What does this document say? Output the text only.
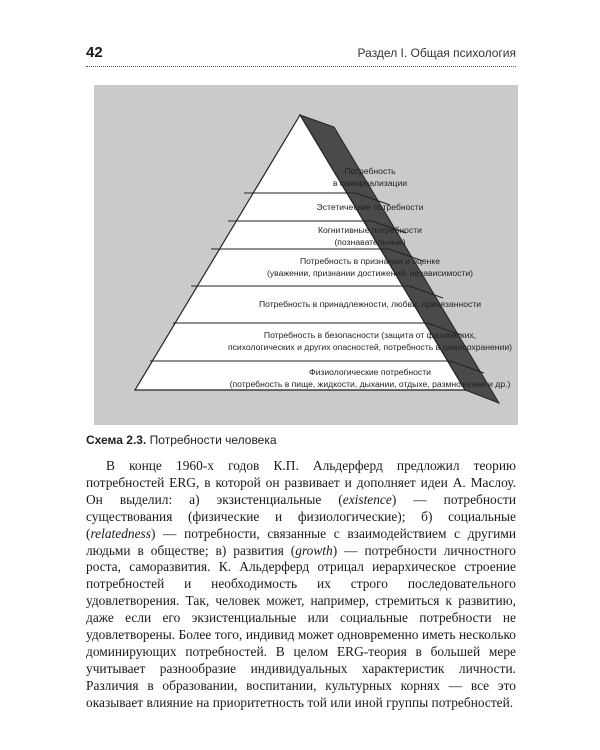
42	Раздел I. Общая психология
Потребность
в самореализации
Эстетические потребности
Когнитивные потребности
(познавательные)
Потребность в признании и оценке
(уважении, признании достижений, независимости)
Потребность в принадлежности, любви, привязанности
Потребность в безопасности (защита от физических,
психологических и других опасностей, потребность в самосохранении)
Физиологические потребности
(потребность в пище, жидкости, дыхании, отдыхе, размножении и др.)
Схема 2.3. Потребности человека
В конце 1960-х годов К.П. Альдерферд предложил теорию потребностей ERG, в которой он развивает и дополняет идеи А. Маслоу. Он выделил: а) экзистенциальные (existence) — потребности существования (физические и физиологические); б) социальные (relatedness) — потребности, связанные с взаимодействием с другими людьми в обществе; в) развития (growth) — потребности личностного роста, саморазвития. К. Альдерферд отрицал иерархическое строение потребностей и необходимость их строго последовательного удовлетворения. Так, человек может, например, стремиться к развитию, даже если его экзистенциальные или социальные потребности не удовлетворены. Более того, индивид может одновременно иметь несколько доминирующих потребностей. В целом ERG-теория в большей мере учитывает разнообразие индивидуальных характеристик личности. Различия в образовании, воспитании, культурных корнях — все это оказывает влияние на приоритетность той или иной группы потребностей.
